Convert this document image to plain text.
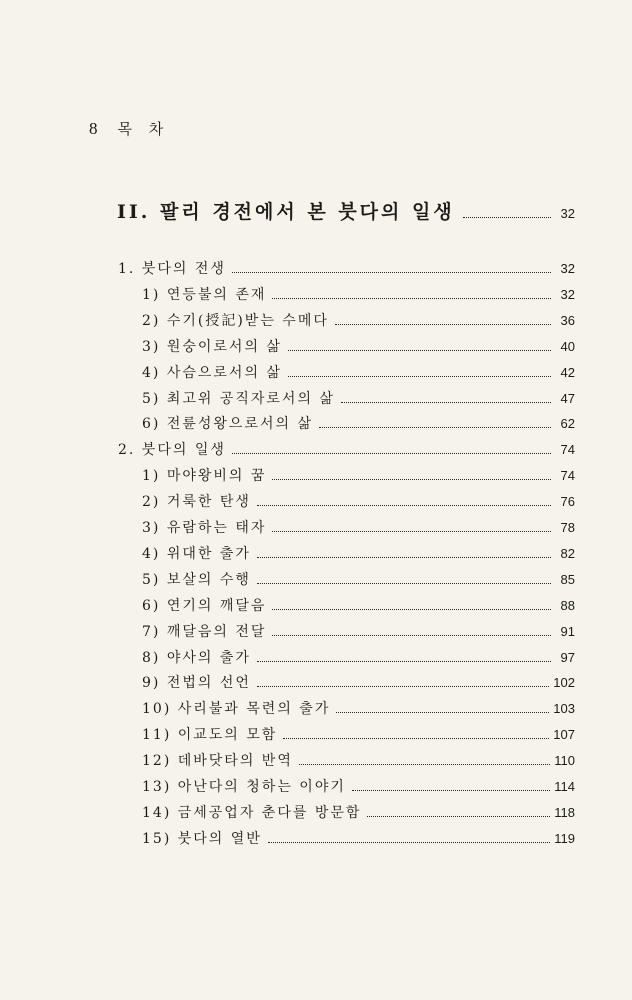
8 목 차
II. 팔리 경전에서 본 붓다의 일생	32
1. 붓다의 전생	32
1) 연등불의 존재	32
2) 수기(授記)받는 수메다	36
3) 원숭이로서의 삶	40
4) 사슴으로서의 삶	42
5) 최고위 공직자로서의 삶	47
6) 전륜성왕으로서의 삶	62
2. 붓다의 일생	74
1) 마야왕비의 꿈	74
2) 거룩한 탄생	76
3) 유람하는 태자	78
4) 위대한 출가	82
5) 보살의 수행	85
6) 연기의 깨달음	88
7) 깨달음의 전달	91
8) 야사의 출가	97
9) 전법의 선언	102
10) 사리불과 목련의 출가	103
11) 이교도의 모함	107
12) 데바닷타의 반역	110
13) 아난다의 청하는 이야기	114
14) 금세공업자 춘다를 방문함	118
15) 붓다의 열반	119
